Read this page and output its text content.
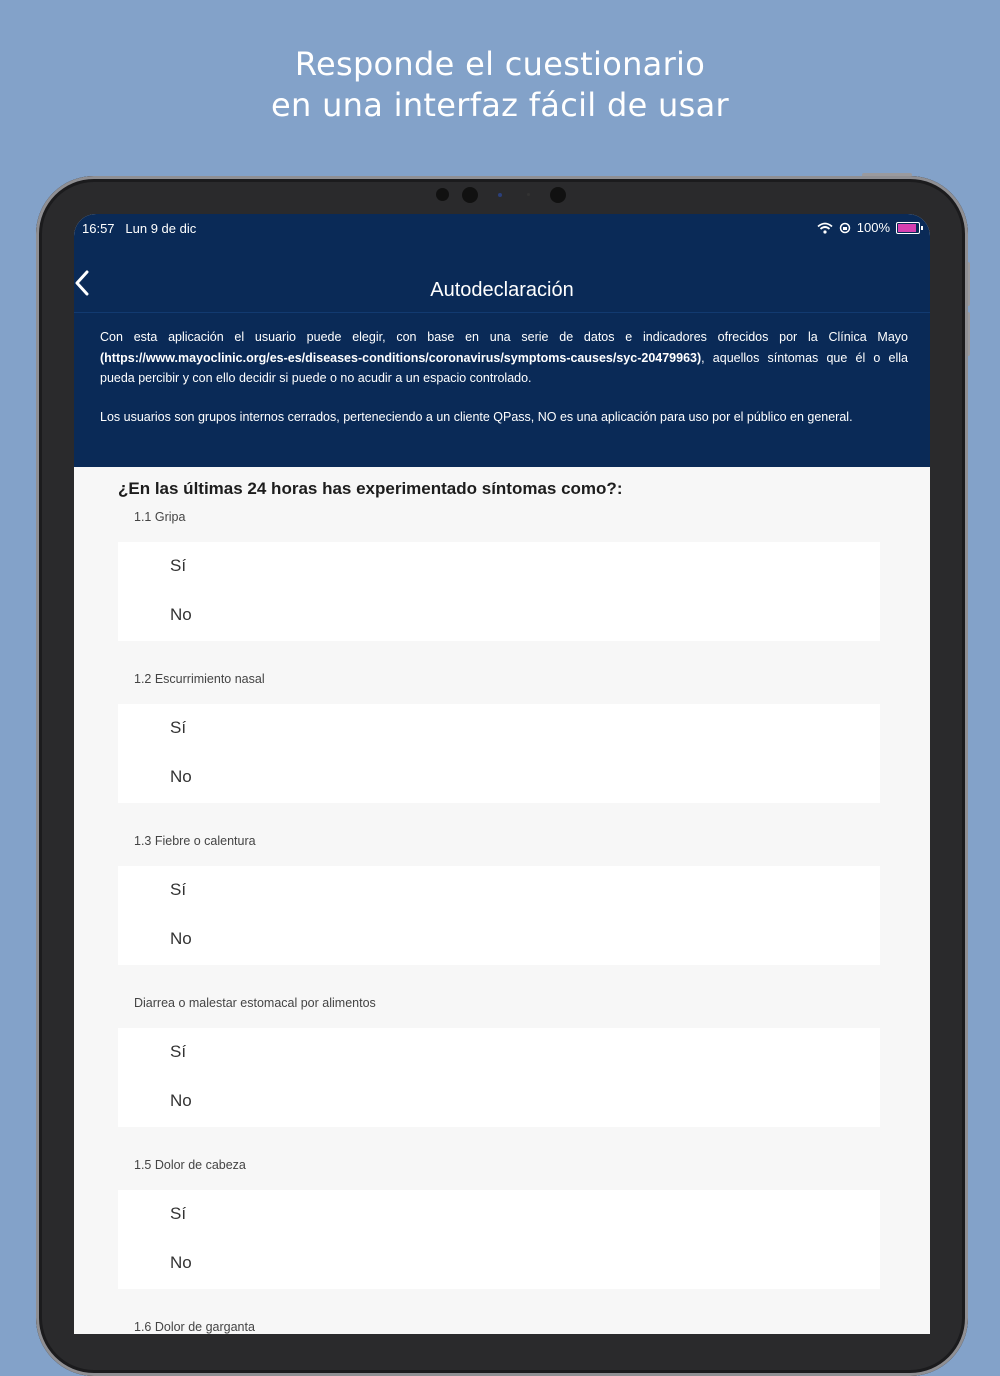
Responde el cuestionario
en una interfaz fácil de usar
16:57 Lun 9 de dic	100%
Autodeclaración

Con esta aplicación el usuario puede elegir, con base en una serie de datos e indicadores ofrecidos por la Clínica Mayo (https://www.mayoclinic.org/es-es/diseases-conditions/coronavirus/symptoms-causes/syc-20479963), aquellos síntomas que él o ella pueda percibir y con ello decidir si puede o no acudir a un espacio controlado.

Los usuarios son grupos internos cerrados, perteneciendo a un cliente QPass, NO es una aplicación para uso por el público en general.

¿En las últimas 24 horas has experimentado síntomas como?:
1.1 Gripa
Sí
No
1.2 Escurrimiento nasal
Sí
No
1.3 Fiebre o calentura
Sí
No
Diarrea o malestar estomacal por alimentos
Sí
No
1.5 Dolor de cabeza
Sí
No
1.6 Dolor de garganta
